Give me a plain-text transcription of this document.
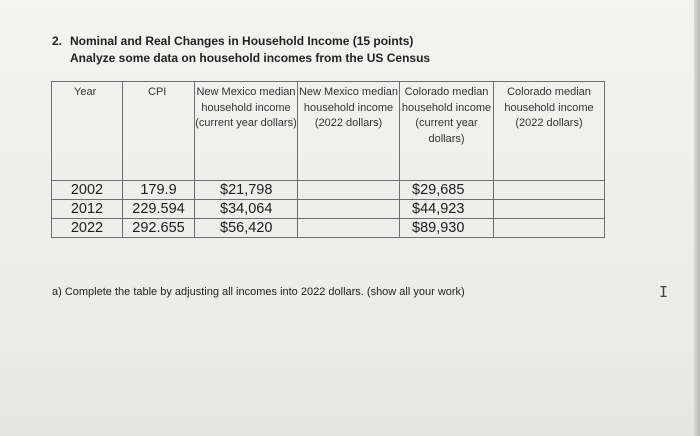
2. Nominal and Real Changes in Household Income (15 points)
Analyze some data on household incomes from the US Census
Year	CPI	New Mexico median household income (current year dollars)	New Mexico median household income (2022 dollars)	Colorado median household income (current year dollars)	Colorado median household income (2022 dollars)
2002	179.9	$21,798		$29,685	
2012	229.594	$34,064		$44,923	
2022	292.655	$56,420		$89,930	
a) Complete the table by adjusting all incomes into 2022 dollars. (show all your work)	I
